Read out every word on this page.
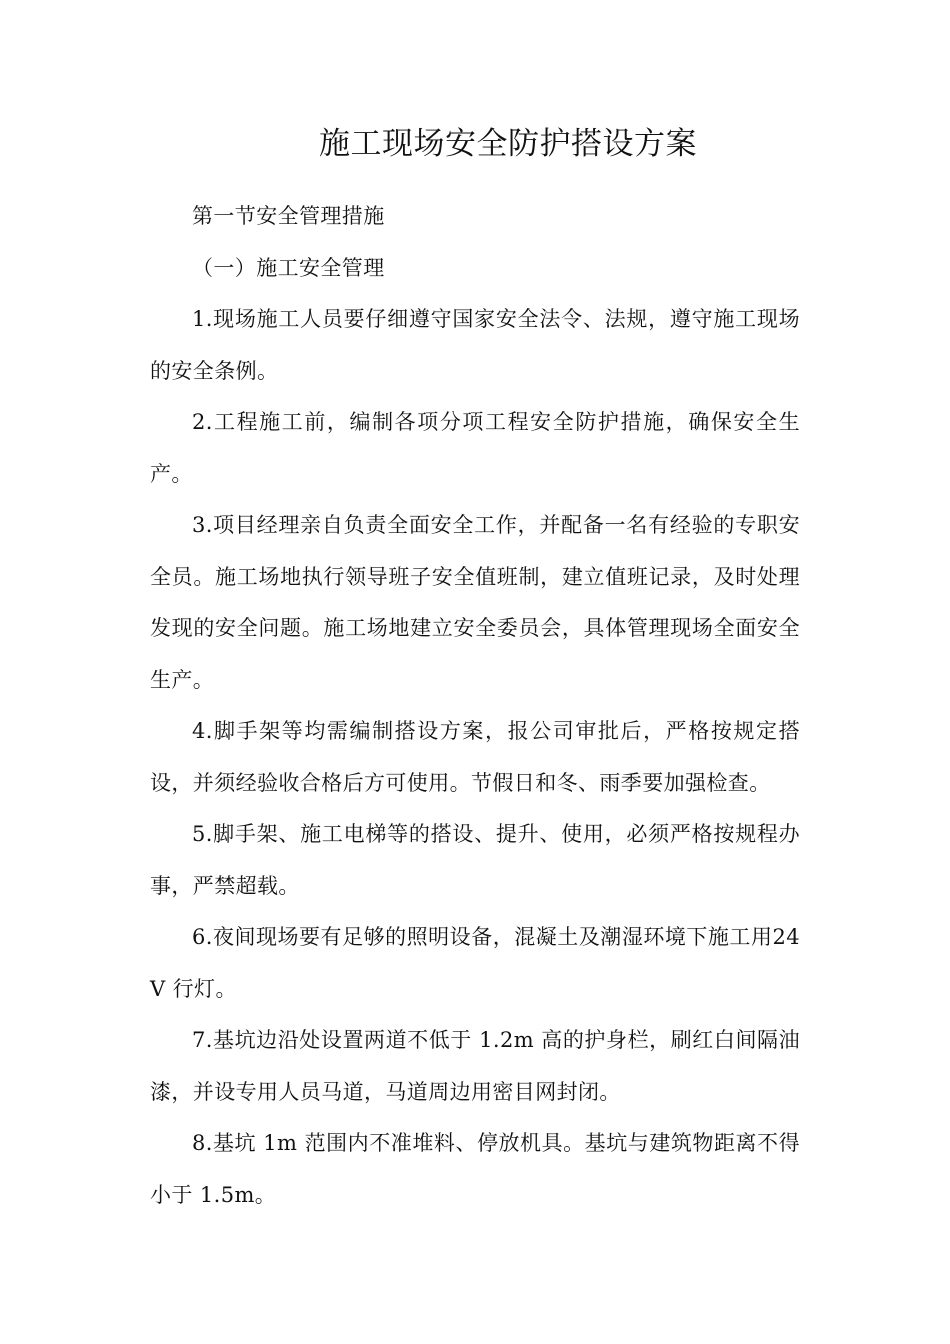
施工现场安全防护搭设方案

第一节安全管理措施

（一）施工安全管理

1.现场施工人员要仔细遵守国家安全法令、法规，遵守施工现场的安全条例。

2.工程施工前，编制各项分项工程安全防护措施，确保安全生产。

3.项目经理亲自负责全面安全工作，并配备一名有经验的专职安全员。施工场地执行领导班子安全值班制，建立值班记录，及时处理发现的安全问题。施工场地建立安全委员会，具体管理现场全面安全生产。

4.脚手架等均需编制搭设方案，报公司审批后，严格按规定搭设，并须经验收合格后方可使用。节假日和冬、雨季要加强检查。

5.脚手架、施工电梯等的搭设、提升、使用，必须严格按规程办事，严禁超载。

6.夜间现场要有足够的照明设备，混凝土及潮湿环境下施工用24V 行灯。

7.基坑边沿处设置两道不低于 1.2m 高的护身栏，刷红白间隔油漆，并设专用人员马道，马道周边用密目网封闭。

8.基坑 1m 范围内不准堆料、停放机具。基坑与建筑物距离不得小于 1.5m。
